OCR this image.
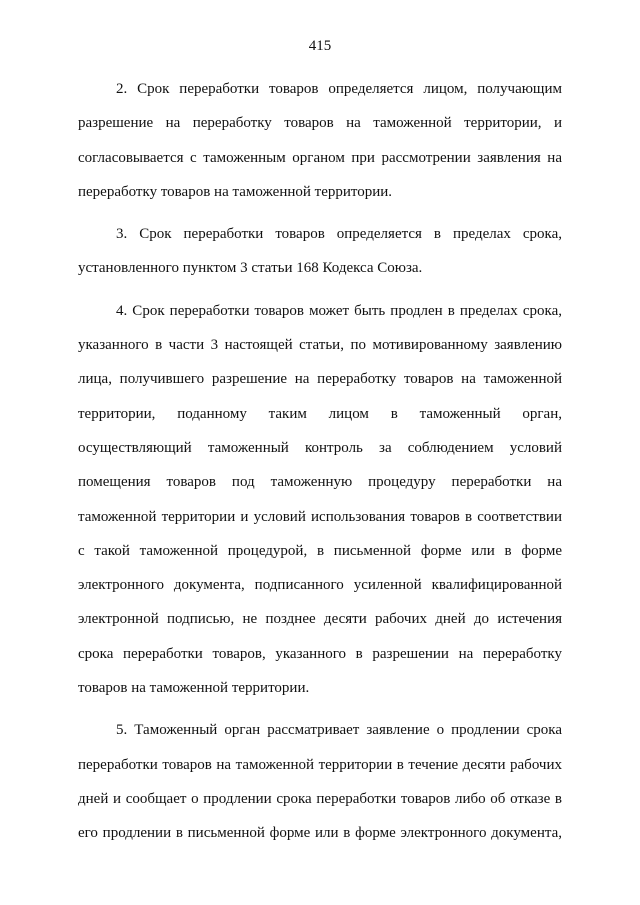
415
2. Срок переработки товаров определяется лицом, получающим
разрешение на переработку товаров на таможенной территории, и
согласовывается с таможенным органом при рассмотрении заявления на
переработку товаров на таможенной территории.
3. Срок переработки товаров определяется в пределах срока,
установленного пунктом 3 статьи 168 Кодекса Союза.
4. Срок переработки товаров может быть продлен в пределах срока,
указанного в части 3 настоящей статьи, по мотивированному заявлению
лица, получившего разрешение на переработку товаров на таможенной
территории, поданному таким лицом в таможенный орган,
осуществляющий таможенный контроль за соблюдением условий
помещения товаров под таможенную процедуру переработки на
таможенной территории и условий использования товаров в соответствии
с такой таможенной процедурой, в письменной форме или в форме
электронного документа, подписанного усиленной квалифицированной
электронной подписью, не позднее десяти рабочих дней до истечения
срока переработки товаров, указанного в разрешении на переработку
товаров на таможенной территории.
5. Таможенный орган рассматривает заявление о продлении срока
переработки товаров на таможенной территории в течение десяти рабочих
дней и сообщает о продлении срока переработки товаров либо об отказе в
его продлении в письменной форме или в форме электронного документа,
